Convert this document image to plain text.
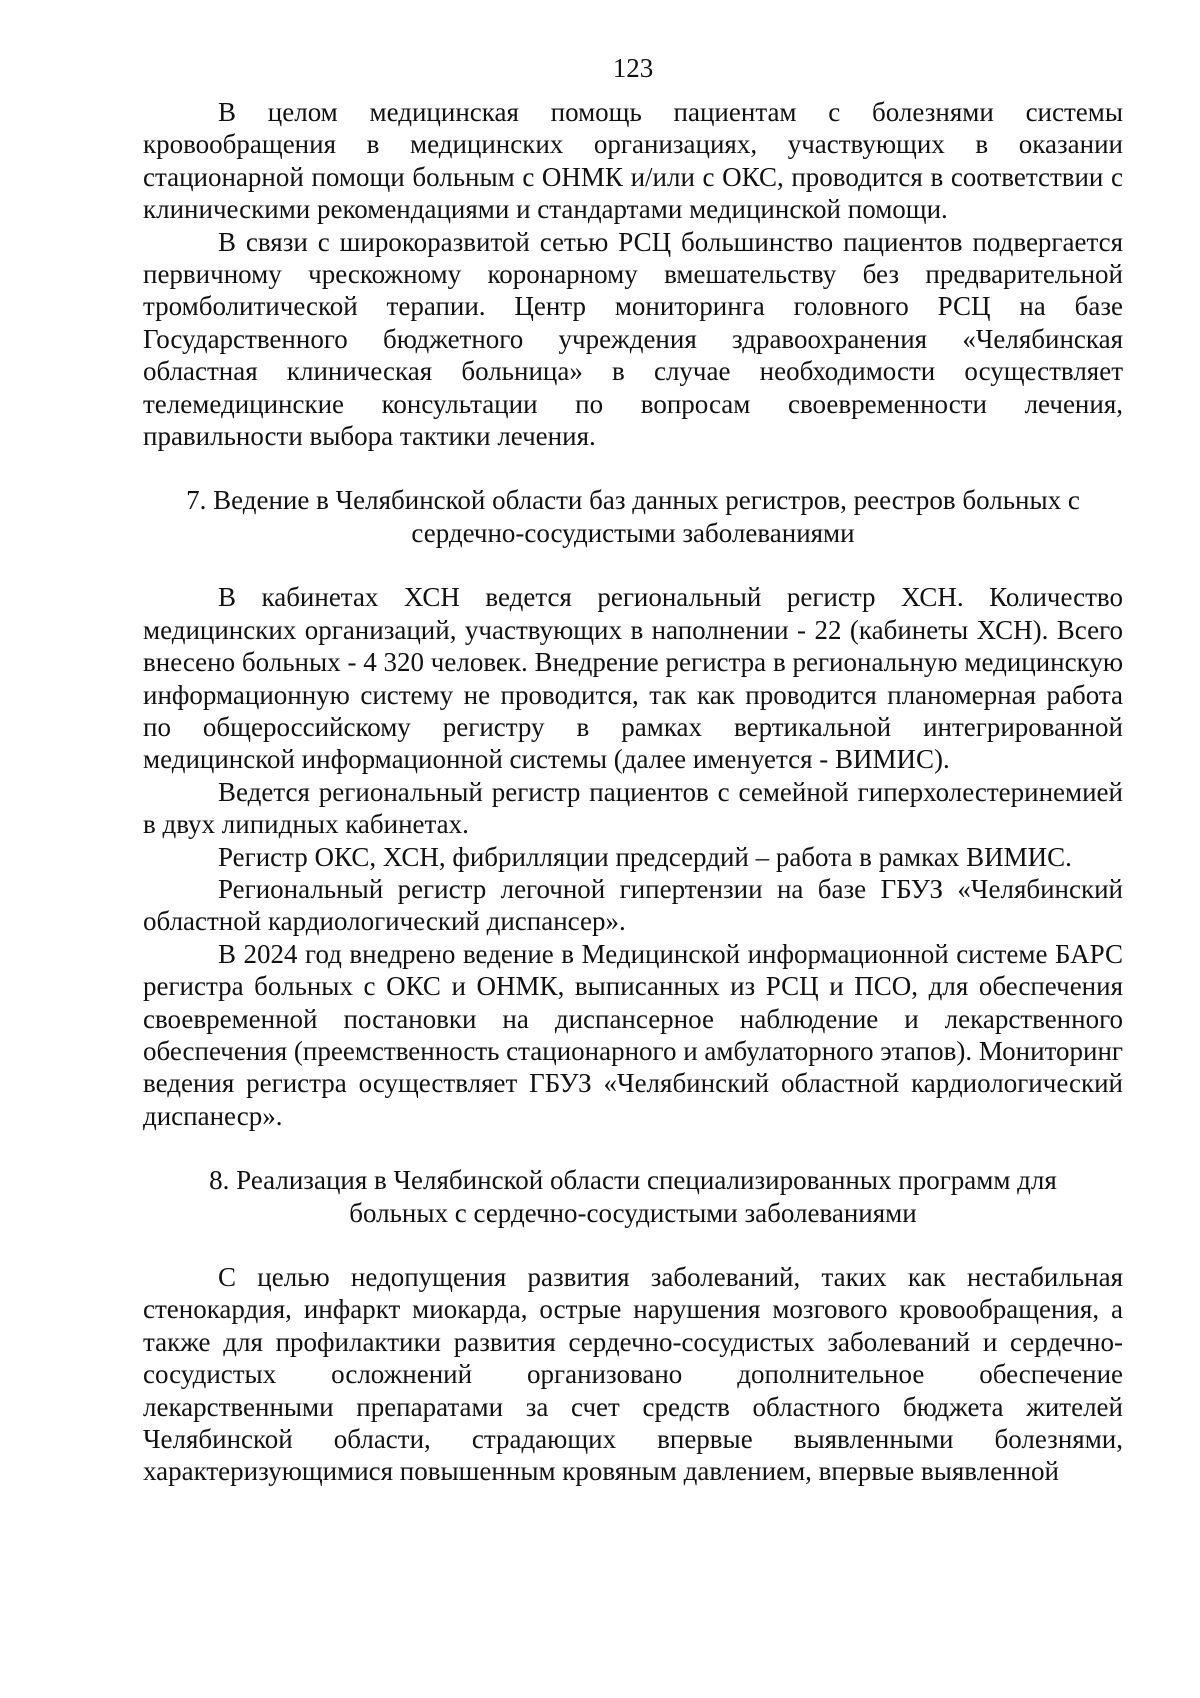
123

В целом медицинская помощь пациентам с болезнями системы кровообращения в медицинских организациях, участвующих в оказании стационарной помощи больным с ОНМК и/или с ОКС, проводится в соответствии с клиническими рекомендациями и стандартами медицинской помощи.

В связи с широкоразвитой сетью РСЦ большинство пациентов подвергается первичному чрескожному коронарному вмешательству без предварительной тромболитической терапии. Центр мониторинга головного РСЦ на базе Государственного бюджетного учреждения здравоохранения «Челябинская областная клиническая больница» в случае необходимости осуществляет телемедицинские консультации по вопросам своевременности лечения, правильности выбора тактики лечения.

7. Ведение в Челябинской области баз данных регистров, реестров больных с

сердечно-сосудистыми заболеваниями

В кабинетах ХСН ведется региональный регистр ХСН. Количество медицинских организаций, участвующих в наполнении - 22 (кабинеты ХСН). Всего внесено больных - 4 320 человек. Внедрение регистра в региональную медицинскую информационную систему не проводится, так как проводится планомерная работа по общероссийскому регистру в рамках вертикальной интегрированной медицинской информационной системы (далее именуется - ВИМИС).

Ведется региональный регистр пациентов с семейной гиперхолестеринемией в двух липидных кабинетах.

Регистр ОКС, ХСН, фибрилляции предсердий – работа в рамках ВИМИС.

Региональный регистр легочной гипертензии на базе ГБУЗ «Челябинский областной кардиологический диспансер».

В 2024 год внедрено ведение в Медицинской информационной системе БАРС регистра больных с ОКС и ОНМК, выписанных из РСЦ и ПСО, для обеспечения своевременной постановки на диспансерное наблюдение и лекарственного обеспечения (преемственность стационарного и амбулаторного этапов). Мониторинг ведения регистра осуществляет ГБУЗ «Челябинский областной кардиологический диспанеср».

8. Реализация в Челябинской области специализированных программ для

больных с сердечно-сосудистыми заболеваниями

С целью недопущения развития заболеваний, таких как нестабильная стенокардия, инфаркт миокарда, острые нарушения мозгового кровообращения, а также для профилактики развития сердечно-сосудистых заболеваний и сердечно-сосудистых осложнений организовано дополнительное обеспечение лекарственными препаратами за счет средств областного бюджета жителей Челябинской области, страдающих впервые выявленными болезнями, характеризующимися повышенным кровяным давлением, впервые выявленной
